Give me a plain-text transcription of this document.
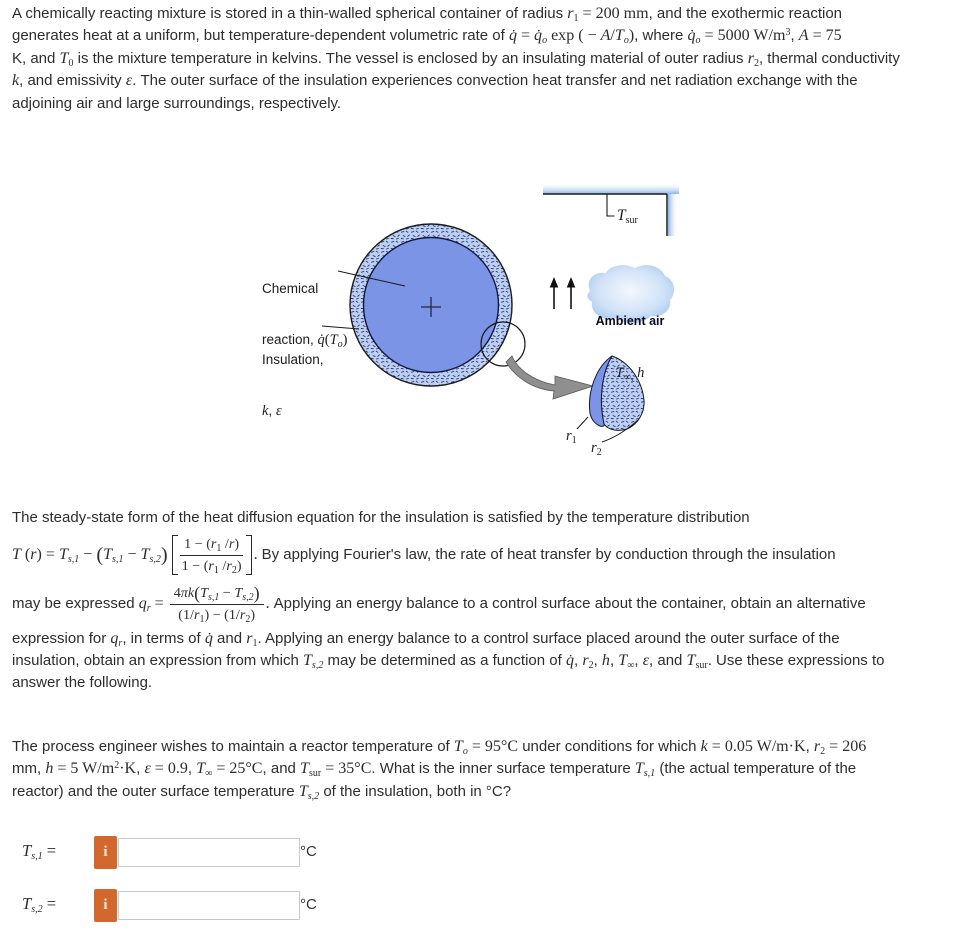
A chemically reacting mixture is stored in a thin-walled spherical container of radius $r_1 = 200$ mm, and the exothermic reaction
generates heat at a uniform, but temperature-dependent volumetric rate of q̇ = $q̇_o$ exp ( − $A/T_o$), where $q̇_o = 5000$ $W/m^3$, A = 75
K, and $T_0$ is the mixture temperature in kelvins. The vessel is enclosed by an insulating material of outer radius $r_2$, thermal conductivity
k, and emissivity ε. The outer surface of the insulation experiences convection heat transfer and net radiation exchange with the
adjoining air and large surroundings, respectively.

Chemical

reaction, $q̇(T_o)$

Insulation,

k, ε

$T_{sur}$

Ambient air

$T_{\infty,}$ h

$r_1$ $r_2$
The steady-state form of the heat diffusion equation for the insulation is satisfied by the temperature distribution
T $(r) = T_{s,1} - (T_{s,1} - T_{s,2}) \frac{1 - (r_1 /r)}{1 - (r_1 /r_2)}$ . By applying Fourier's law, the rate of heat transfer by conduction through the insulation
may be expressed $q_r = \frac{4\pi k(T_{s,1} - T_{s,2})}{(1/r_1) - (1/r_2)}$ . Applying an energy balance to a control surface about the container, obtain an alternative
expression for $q_r$, in terms of q̇ and $r_1$. Applying an energy balance to a control surface placed around the outer surface of the
insulation, obtain an expression from which $T_{s,2}$ may be determined as a function of q̇, $r_2$, h, $T_\infty$, ε, and $T_{sur}$. Use these expressions to
answer the following.
The process engineer wishes to maintain a reactor temperature of $T_o = 95^\circ C$ under conditions for which k = 0.05 W/m·K, $r_2 = 206$
mm, h = 5 $W/m^2\cdot K$, ε = 0.9, $T_\infty = 25^\circ C$, and $T_{sur} = 35^\circ C$. What is the inner surface temperature $T_{s,1}$ (the actual temperature of the
reactor) and the outer surface temperature $T_{s,2}$ of the insulation, both in °C?
$T_{s,1}$ =	i	°C
$T_{s,2}$ =	i	°C
